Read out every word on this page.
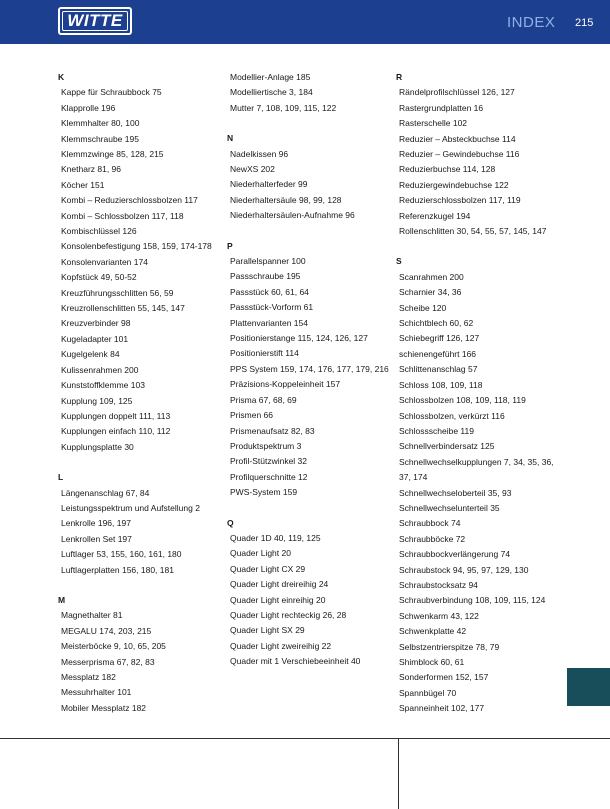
WITTE	INDEX 215
K
Kappe für Schraubbock 75
Klapprolle 196
Klemmhalter 80, 100
Klemmschraube 195
Klemmzwinge 85, 128, 215
Knetharz 81, 96
Köcher 151
Kombi – Reduzierschlossbolzen 117
Kombi – Schlossbolzen 117, 118
Kombischlüssel 126
Konsolenbefestigung 158, 159, 174-178
Konsolenvarianten 174
Kopfstück 49, 50-52
Kreuzführungsschlitten 56, 59
Kreuzrollenschlitten 55, 145, 147
Kreuzverbinder 98
Kugeladapter 101
Kugelgelenk 84
Kulissenrahmen 200
Kunststoffklemme 103
Kupplung 109, 125
Kupplungen doppelt 111, 113
Kupplungen einfach 110, 112
Kupplungsplatte 30
L
Längenanschlag 67, 84
Leistungsspektrum und Aufstellung 2
Lenkrolle 196, 197
Lenkrollen Set 197
Luftlager 53, 155, 160, 161, 180
Luftlagerplatten 156, 180, 181
M
Magnethalter 81
MEGALU 174, 203, 215
Meisterböcke 9, 10, 65, 205
Messerprisma 67, 82, 83
Messplatz 182
Messuhrhalter 101
Mobiler Messplatz 182
Modellier-Anlage 185
Modelliertische 3, 184
Mutter 7, 108, 109, 115, 122
N
Nadelkissen 96
NewXS 202
Niederhalterfeder 99
Niederhaltersäule 98, 99, 128
Niederhaltersäulen-Aufnahme 96
P
Parallelspanner 100
Passschraube 195
Passstück 60, 61, 64
Passstück-Vorform 61
Plattenvarianten 154
Positionierstange 115, 124, 126, 127
Positionierstift 114
PPS System 159, 174, 176, 177, 179, 216
Präzisions-Koppeleinheit 157
Prisma 67, 68, 69
Prismen 66
Prismenaufsatz 82, 83
Produktspektrum 3
Profil-Stützwinkel 32
Profilquerschnitte 12
PWS-System 159
Q
Quader 1D 40, 119, 125
Quader Light 20
Quader Light CX 29
Quader Light dreireihig 24
Quader Light einreihig 20
Quader Light rechteckig 26, 28
Quader Light SX 29
Quader Light zweireihig 22
Quader mit 1 Verschiebeeinheit 40
R
Rändelprofilschlüssel 126, 127
Rastergrundplatten 16
Rasterschelle 102
Reduzier – Absteckbuchse 114
Reduzier – Gewindebuchse 116
Reduzierbuchse 114, 128
Reduziergewindebuchse 122
Reduzierschlossbolzen 117, 119
Referenzkugel 194
Rollenschlitten 30, 54, 55, 57, 145, 147
S
Scanrahmen 200
Scharnier 34, 36
Scheibe 120
Schichtblech 60, 62
Schiebegriff 126, 127
schienengeführt 166
Schlittenanschlag 57
Schloss 108, 109, 118
Schlossbolzen 108, 109, 118, 119
Schlossbolzen, verkürzt 116
Schlossscheibe 119
Schnellverbindersatz 125
Schnellwechselkupplungen 7, 34, 35, 36, 37, 174
Schnellwechseloberteil 35, 93
Schnellwechselunterteil 35
Schraubbock 74
Schraubböcke 72
Schraubbockverlängerung 74
Schraubstock 94, 95, 97, 129, 130
Schraubstocksatz 94
Schraubverbindung 108, 109, 115, 124
Schwenkarm 43, 122
Schwenkplatte 42
Selbstzentrierspitze 78, 79
Shimblock 60, 61
Sonderformen 152, 157
Spannbügel 70
Spanneinheit 102, 177
